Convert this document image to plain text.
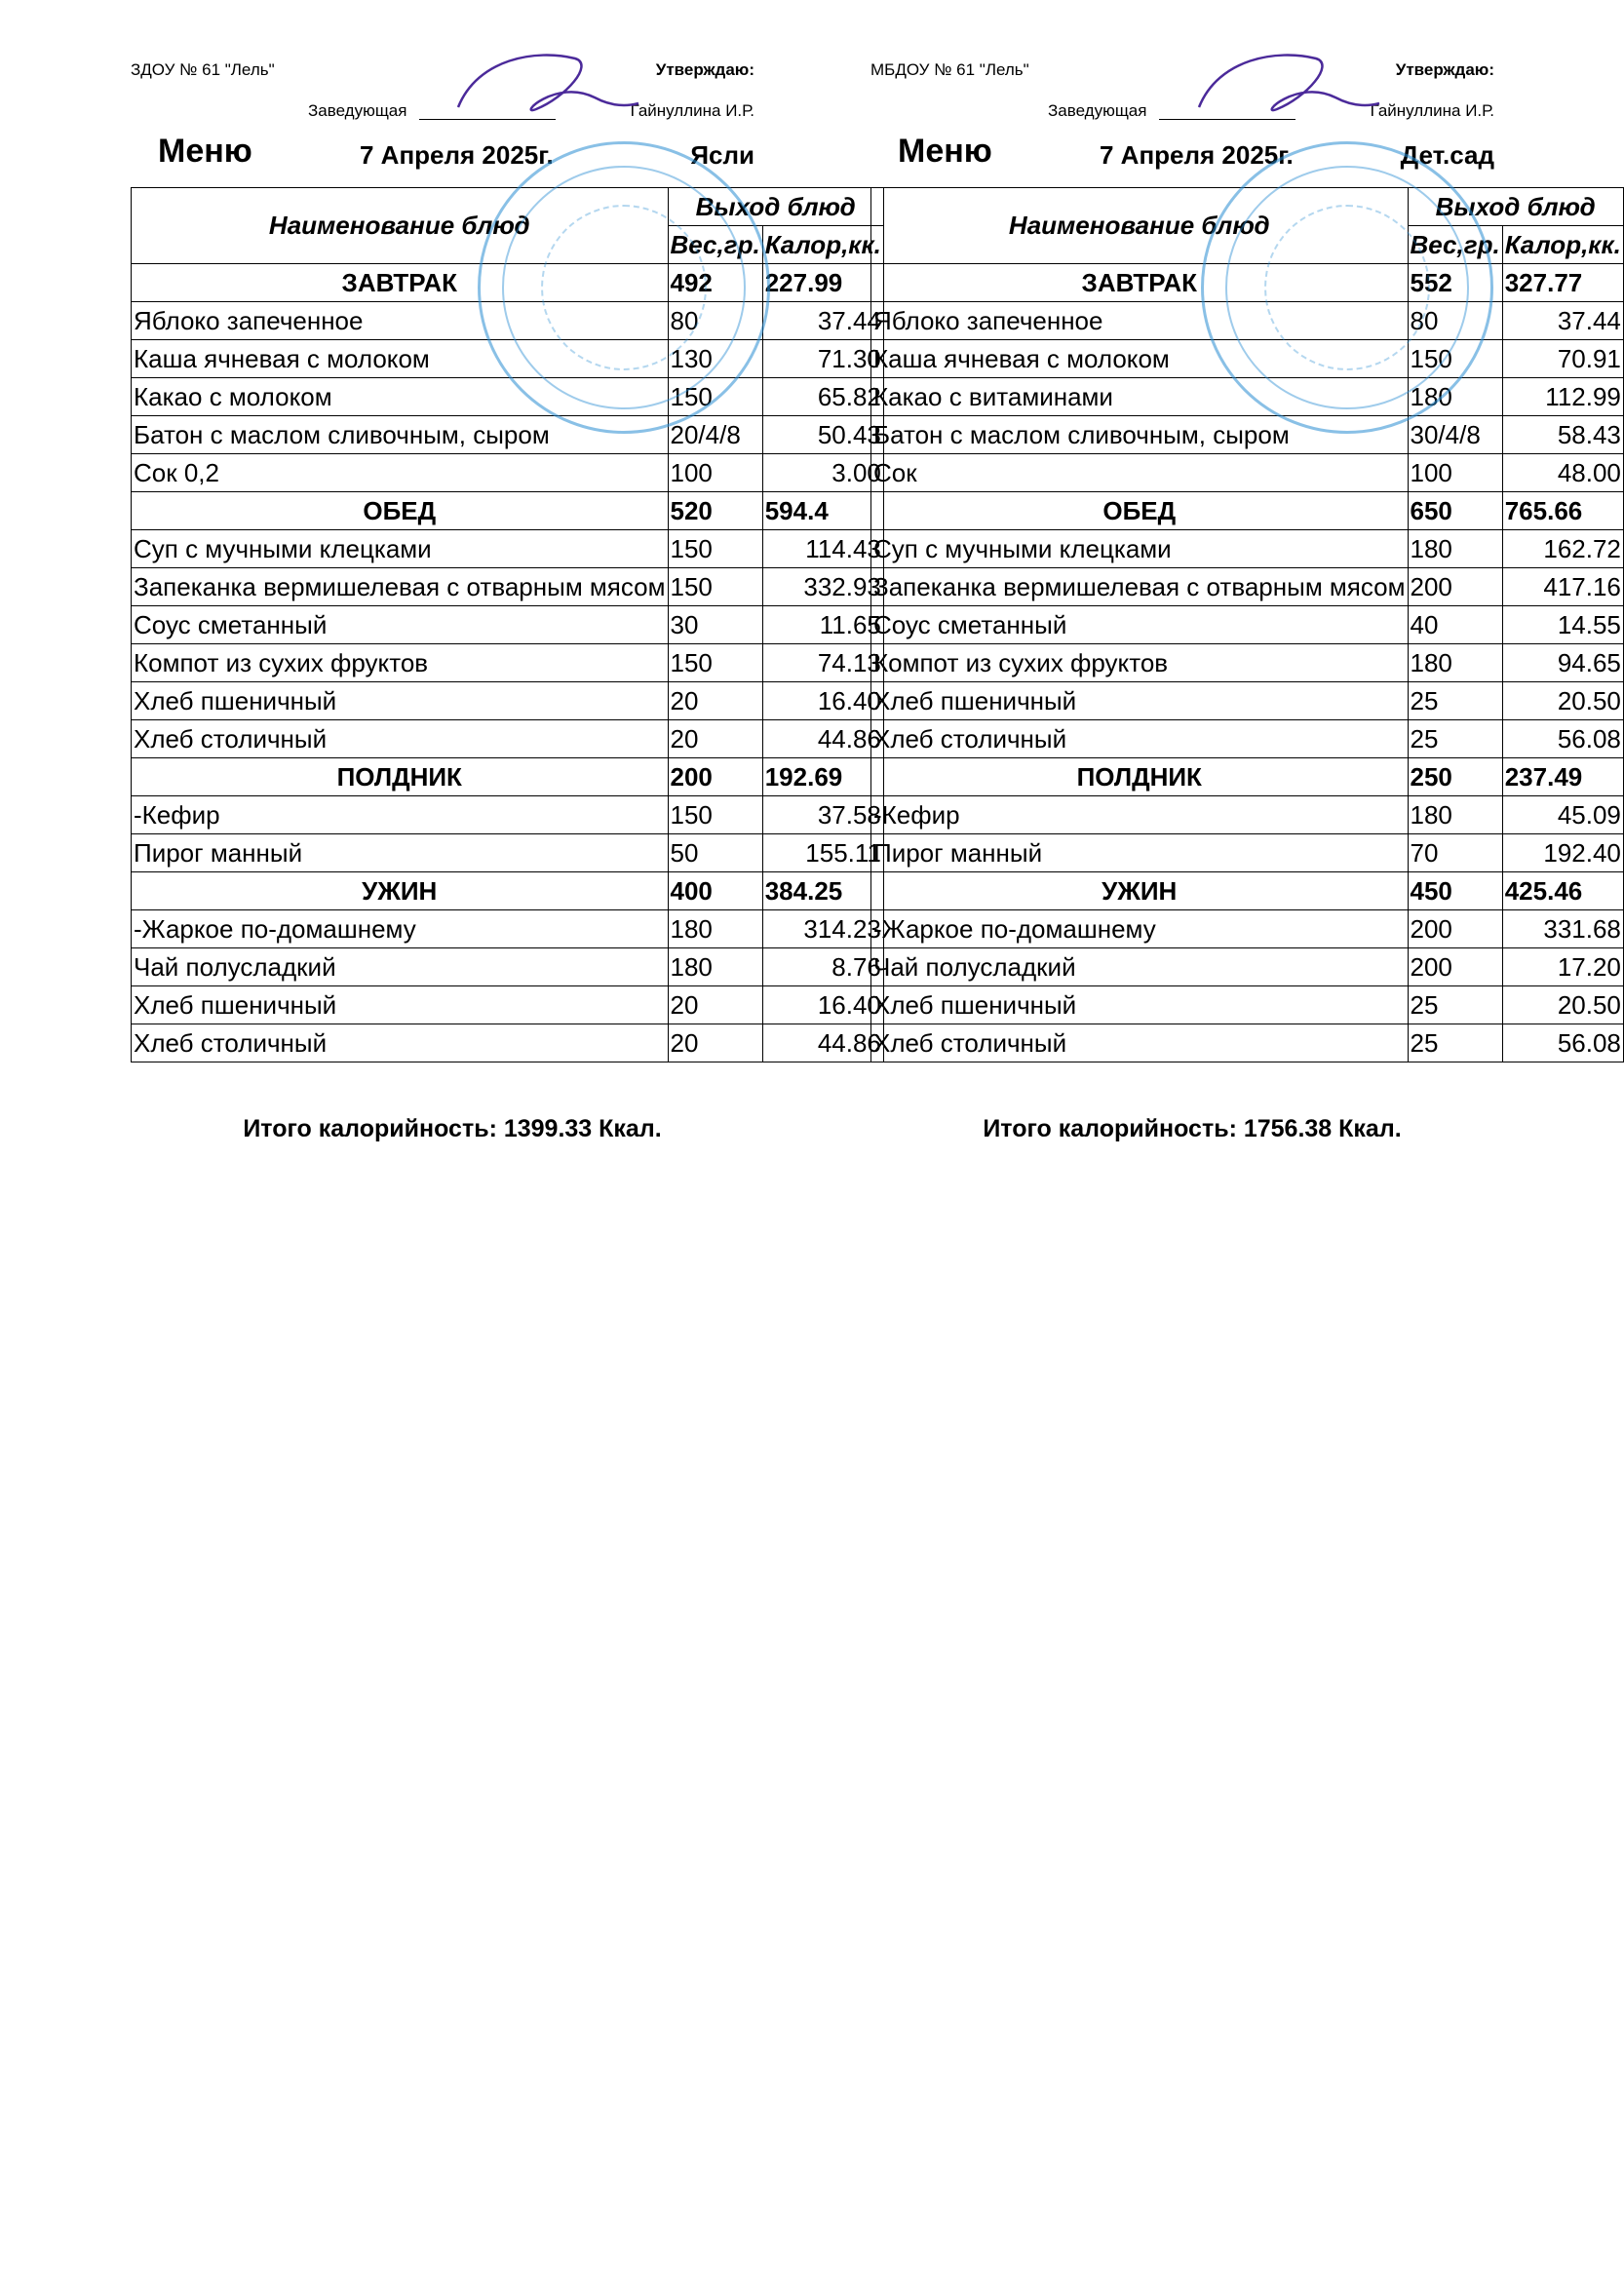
ЗДОУ № 61 "Лель"	Утверждаю:
Заведующая	Гайнуллина И.Р.
Меню	7 Апреля 2025г.	Ясли
Наименование блюд	Выход блюд	
	Вес,гр.	Калор,кк.
ЗАВТРАК	492	227.99
Яблоко запеченное	80	37.44
Каша ячневая с молоком	130	71.30
Какао с молоком	150	65.82
Батон с маслом сливочным, сыром	20/4/8	50.43
Сок 0,2	100	3.00
ОБЕД	520	594.4
Суп с мучными клецками	150	114.43
Запеканка вермишелевая с отварным мясом	150	332.93
Соус сметанный	30	11.65
Компот из сухих фруктов	150	74.13
Хлеб пшеничный	20	16.40
Хлеб столичный	20	44.86
ПОЛДНИК	200	192.69
-Кефир	150	37.58
Пирог манный	50	155.11
УЖИН	400	384.25
-Жаркое по-домашнему	180	314.23
Чай полусладкий	180	8.76
Хлеб пшеничный	20	16.40
Хлеб столичный	20	44.86
Итого калорийность: 1399.33 Ккал.
МБДОУ № 61 "Лель"	Утверждаю:
Заведующая	Гайнуллина И.Р.
Меню	7 Апреля 2025г.	Дет.сад
Наименование блюд	Выход блюд	
	Вес,гр.	Калор,кк.
ЗАВТРАК	552	327.77
Яблоко запеченное	80	37.44
Каша ячневая с молоком	150	70.91
Какао с витаминами	180	112.99
Батон с маслом сливочным, сыром	30/4/8	58.43
Сок	100	48.00
ОБЕД	650	765.66
Суп с мучными клецками	180	162.72
Запеканка вермишелевая с отварным мясом	200	417.16
Соус сметанный	40	14.55
Компот из сухих фруктов	180	94.65
Хлеб пшеничный	25	20.50
Хлеб столичный	25	56.08
ПОЛДНИК	250	237.49
-Кефир	180	45.09
Пирог манный	70	192.40
УЖИН	450	425.46
-Жаркое по-домашнему	200	331.68
Чай полусладкий	200	17.20
Хлеб пшеничный	25	20.50
Хлеб столичный	25	56.08
Итого калорийность: 1756.38 Ккал.
